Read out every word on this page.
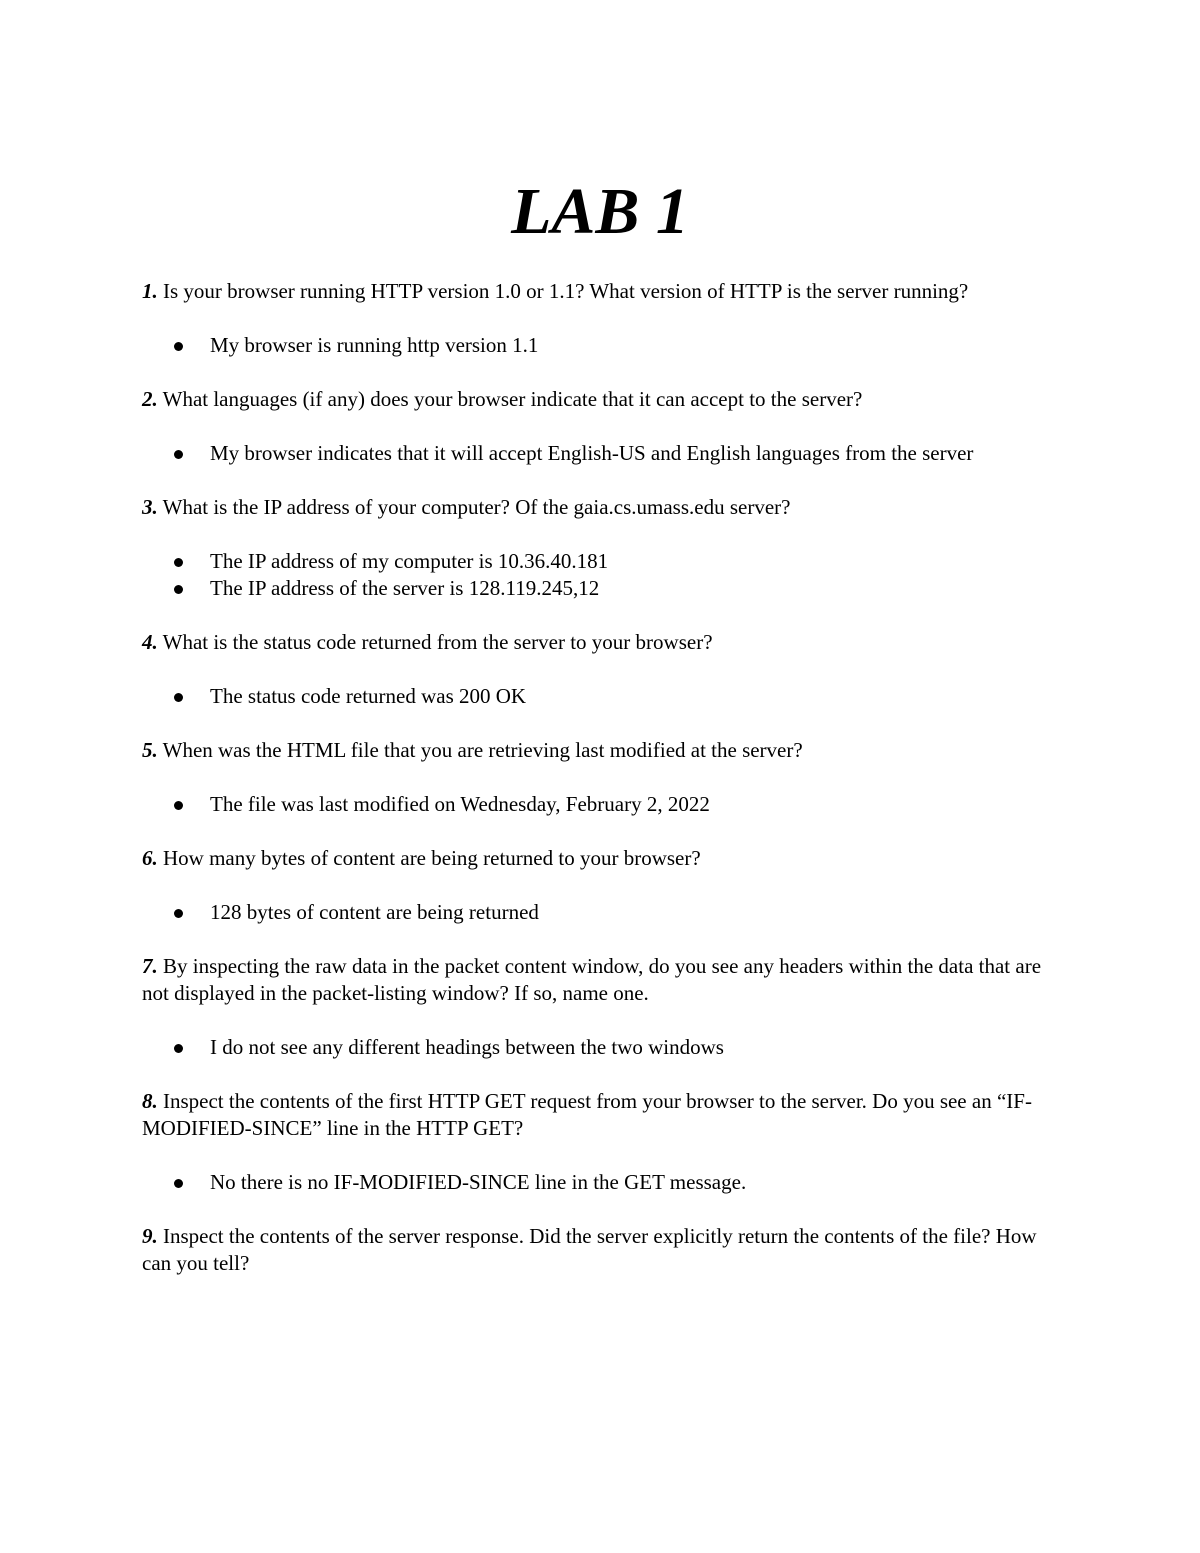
LAB 1

1. Is your browser running HTTP version 1.0 or 1.1? What version of HTTP is the server running?

My browser is running http version 1.1

2. What languages (if any) does your browser indicate that it can accept to the server?

My browser indicates that it will accept English-US and English languages from the server

3. What is the IP address of your computer? Of the gaia.cs.umass.edu server?

The IP address of my computer is 10.36.40.181
The IP address of the server is 128.119.245,12

4. What is the status code returned from the server to your browser?

The status code returned was 200 OK

5. When was the HTML file that you are retrieving last modified at the server?

The file was last modified on Wednesday, February 2, 2022

6. How many bytes of content are being returned to your browser?

128 bytes of content are being returned

7. By inspecting the raw data in the packet content window, do you see any headers within the data that are not displayed in the packet-listing window? If so, name one.

I do not see any different headings between the two windows

8. Inspect the contents of the first HTTP GET request from your browser to the server. Do you see an “IF-MODIFIED-SINCE” line in the HTTP GET?

No there is no IF-MODIFIED-SINCE line in the GET message.

9. Inspect the contents of the server response. Did the server explicitly return the contents of the file? How can you tell?
